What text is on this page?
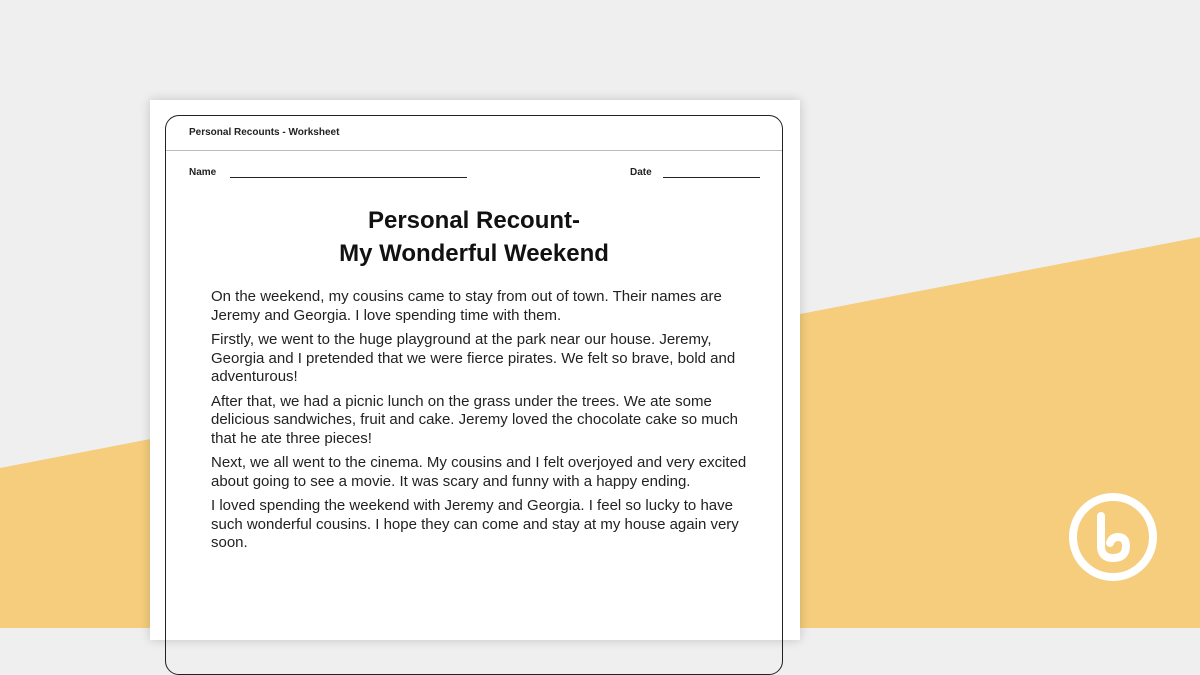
Personal Recounts - Worksheet
Name	Date
Personal Recount-
My Wonderful Weekend

On the weekend, my cousins came to stay from out of town. Their names are Jeremy and Georgia. I love spending time with them.

Firstly, we went to the huge playground at the park near our house. Jeremy, Georgia and I pretended that we were fierce pirates. We felt so brave, bold and adventurous!

After that, we had a picnic lunch on the grass under the trees. We ate some delicious sandwiches, fruit and cake. Jeremy loved the chocolate cake so much that he ate three pieces!

Next, we all went to the cinema. My cousins and I felt overjoyed and very excited about going to see a movie. It was scary and funny with a happy ending.

I loved spending the weekend with Jeremy and Georgia. I feel so lucky to have such wonderful cousins. I hope they can come and stay at my house again very soon.
